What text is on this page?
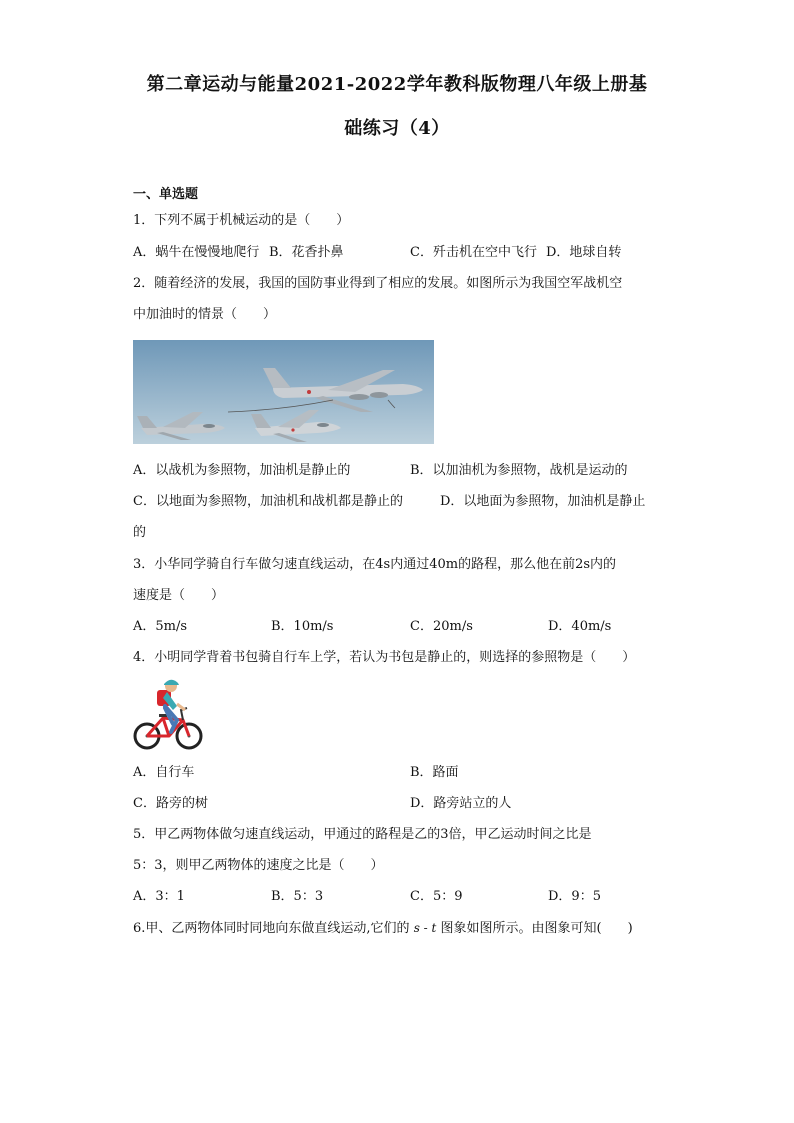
第二章运动与能量2021-2022学年教科版物理八年级上册基
础练习（4）
一、单选题
1．下列不属于机械运动的是（　　）
A．蜗牛在慢慢地爬行 B．花香扑鼻	C．歼击机在空中飞行 D．地球自转
2．随着经济的发展，我国的国防事业得到了相应的发展。如图所示为我国空军战机空
中加油时的情景（　　）
A．以战机为参照物，加油机是静止的	B．以加油机为参照物，战机是运动的
C．以地面为参照物，加油机和战机都是静止的	D．以地面为参照物，加油机是静止
的
3．小华同学骑自行车做匀速直线运动，在4s内通过40m的路程，那么他在前2s内的
速度是（　　）
A．5m/s	B．10m/s	C．20m/s	D．40m/s
4．小明同学背着书包骑自行车上学，若认为书包是静止的，则选择的参照物是（　　）
A．自行车	B．路面
C．路旁的树	D．路旁站立的人
5．甲乙两物体做匀速直线运动，甲通过的路程是乙的3倍，甲乙运动时间之比是
5：3，则甲乙两物体的速度之比是（　　）
A．3：1	B．5：3	C．5：9	D．9：5
6.甲、乙两物体同时同地向东做直线运动,它们的 s - t 图象如图所示。由图象可知(　　)
